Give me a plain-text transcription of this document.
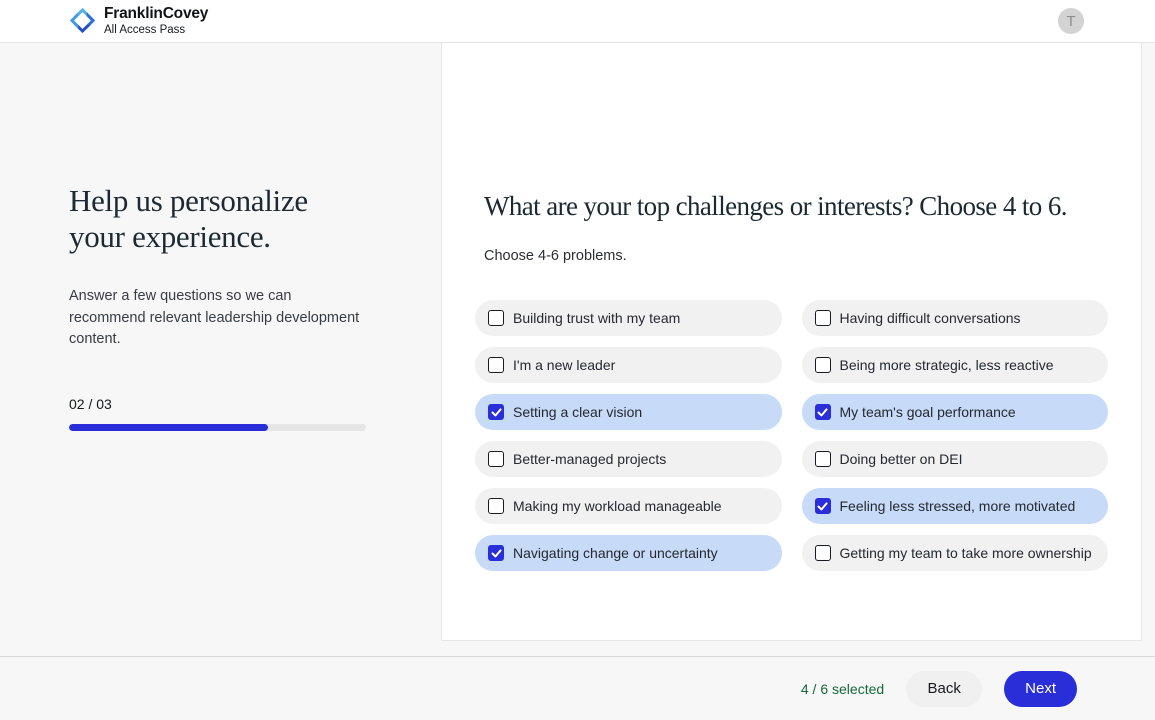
FranklinCovey
All Access Pass
T
Help us personalize your experience.
Answer a few questions so we can recommend relevant leadership development content.
02 / 03
What are your top challenges or interests? Choose 4 to 6.
Choose 4-6 problems.
Building trust with my team
I'm a new leader
Setting a clear vision
Better-managed projects
Making my workload manageable
Navigating change or uncertainty
Having difficult conversations
Being more strategic, less reactive
My team's goal performance
Doing better on DEI
Feeling less stressed, more motivated
Getting my team to take more ownership
4 / 6 selected	Back	Next
